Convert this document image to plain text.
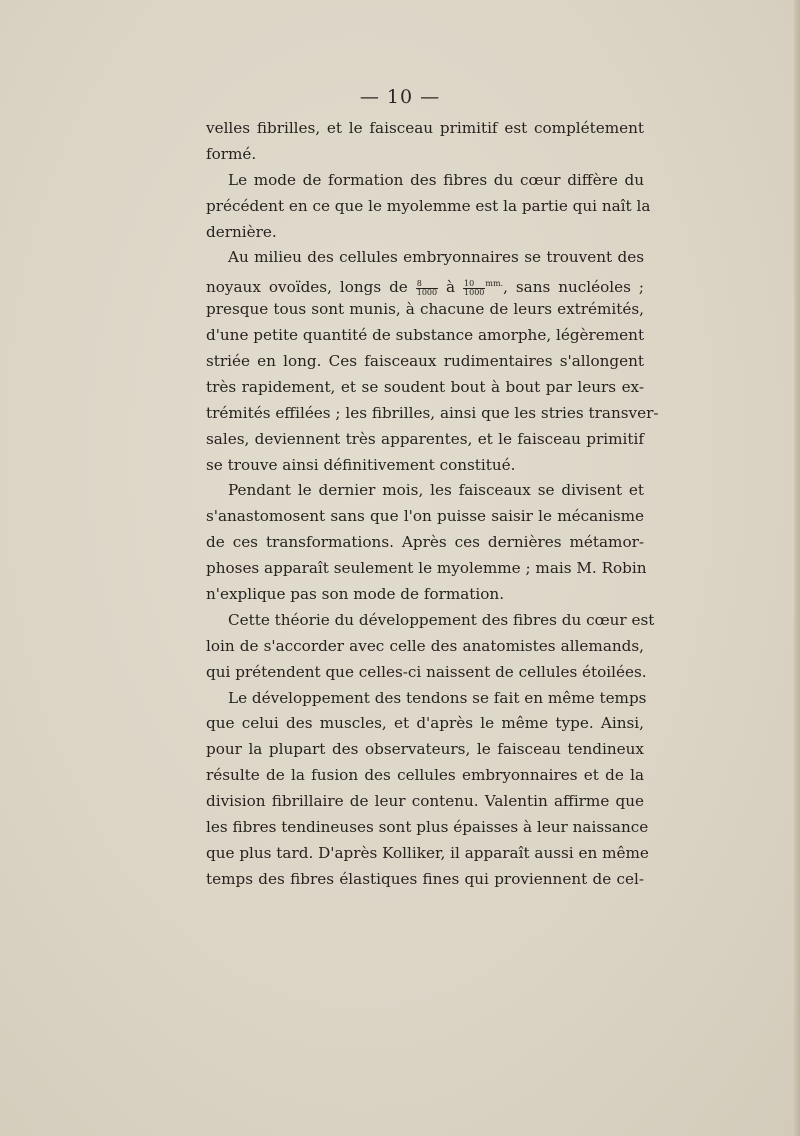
— 10 —
velles fibrilles, et le faisceau primitif est complétement
formé.
Le mode de formation des fibres du cœur diffère du
précédent en ce que le myolemme est la partie qui naît la
dernière.
Au milieu des cellules embryonnaires se trouvent des
noyaux ovoïdes, longs de $\frac{8}{1000}$ à $\frac{10}{1000} ^{mm.}$, sans nucléoles ;
presque tous sont munis, à chacune de leurs extrémités,
d'une petite quantité de substance amorphe, légèrement
striée en long. Ces faisceaux rudimentaires s'allongent
très rapidement, et se soudent bout à bout par leurs ex-
trémités effilées ; les fibrilles, ainsi que les stries transver-
sales, deviennent très apparentes, et le faisceau primitif
se trouve ainsi définitivement constitué.
Pendant le dernier mois, les faisceaux se divisent et
s'anastomosent sans que l'on puisse saisir le mécanisme
de ces transformations. Après ces dernières métamor-
phoses apparaît seulement le myolemme ; mais M. Robin
n'explique pas son mode de formation.
Cette théorie du développement des fibres du cœur est
loin de s'accorder avec celle des anatomistes allemands,
qui prétendent que celles-ci naissent de cellules étoilées.
Le développement des tendons se fait en même temps
que celui des muscles, et d'après le même type. Ainsi,
pour la plupart des observateurs, le faisceau tendineux
résulte de la fusion des cellules embryonnaires et de la
division fibrillaire de leur contenu. Valentin affirme que
les fibres tendineuses sont plus épaisses à leur naissance
que plus tard. D'après Kolliker, il apparaît aussi en même
temps des fibres élastiques fines qui proviennent de cel-
